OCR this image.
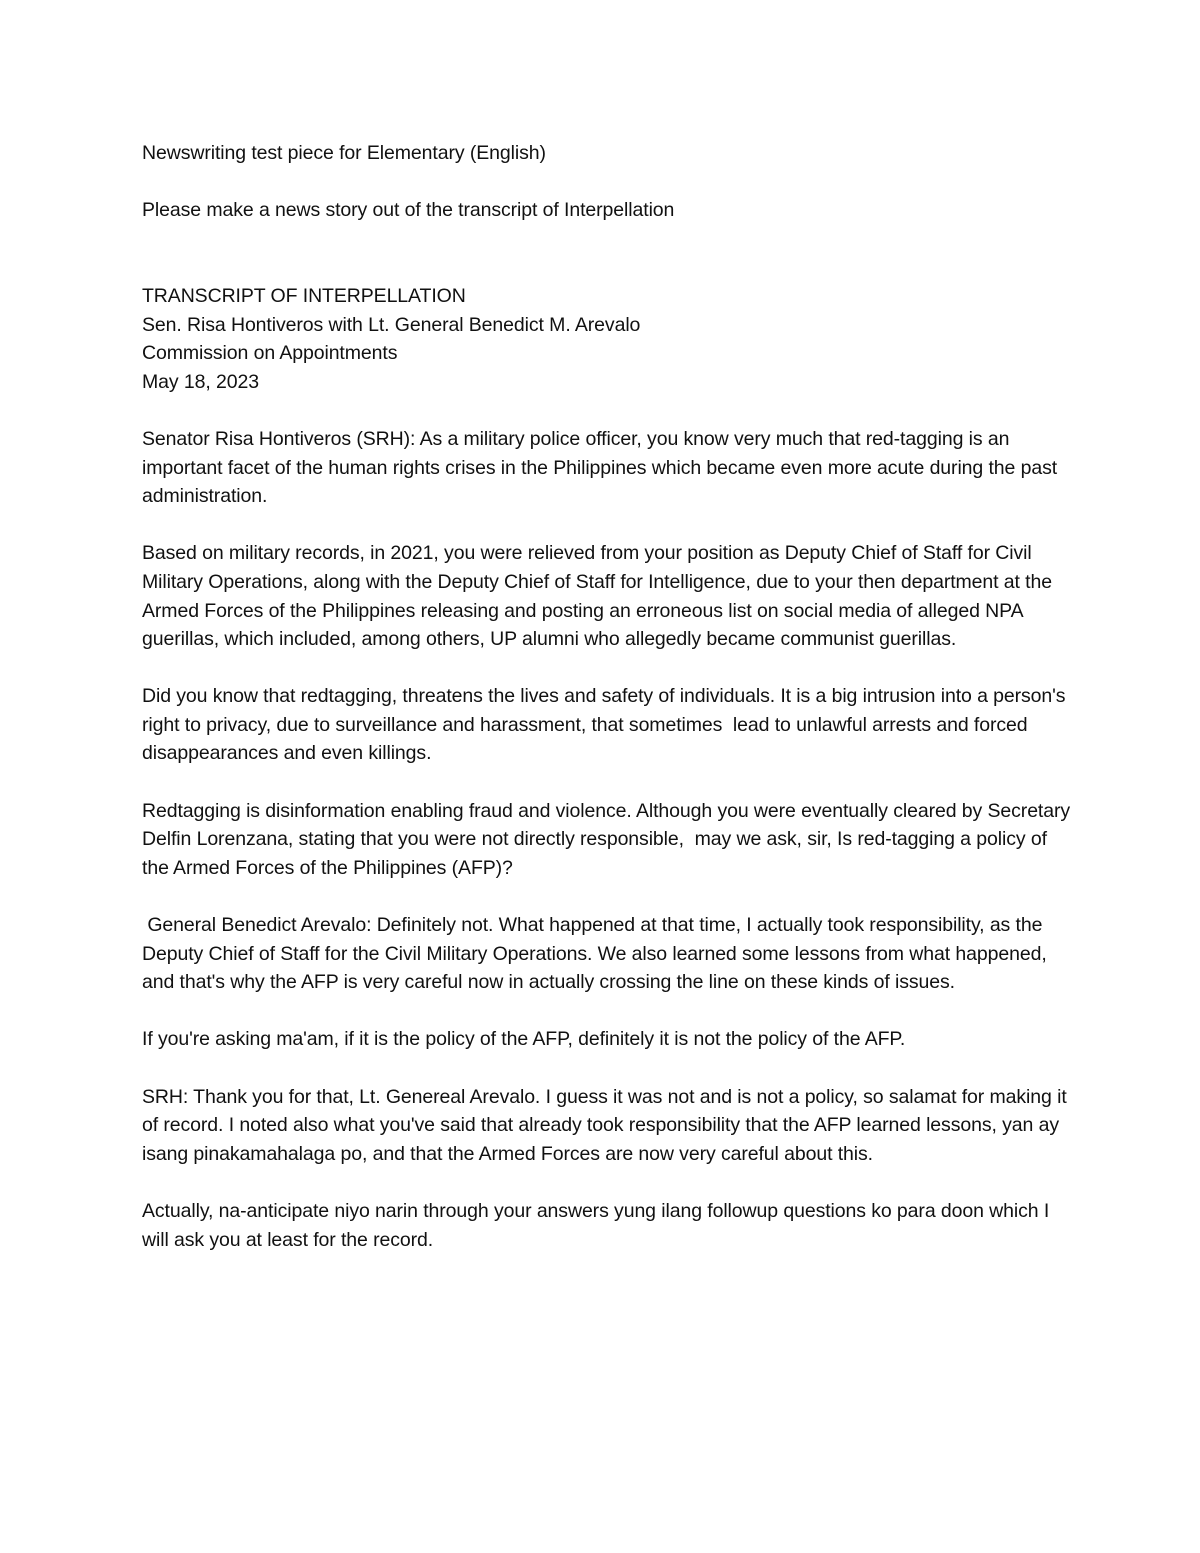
Newswriting test piece for Elementary (English)

Please make a news story out of the transcript of Interpellation

TRANSCRIPT OF INTERPELLATION
Sen. Risa Hontiveros with Lt. General Benedict M. Arevalo
Commission on Appointments
May 18, 2023

Senator Risa Hontiveros (SRH): As a military police officer, you know very much that red-tagging is an important facet of the human rights crises in the Philippines which became even more acute during the past administration.

Based on military records, in 2021, you were relieved from your position as Deputy Chief of Staff for Civil Military Operations, along with the Deputy Chief of Staff for Intelligence, due to your then department at the Armed Forces of the Philippines releasing and posting an erroneous list on social media of alleged NPA guerillas, which included, among others, UP alumni who allegedly became communist guerillas.

Did you know that redtagging, threatens the lives and safety of individuals. It is a big intrusion into a person's right to privacy, due to surveillance and harassment, that sometimes  lead to unlawful arrests and forced disappearances and even killings.

Redtagging is disinformation enabling fraud and violence. Although you were eventually cleared by Secretary Delfin Lorenzana, stating that you were not directly responsible,  may we ask, sir, Is red-tagging a policy of the Armed Forces of the Philippines (AFP)?

General Benedict Arevalo: Definitely not. What happened at that time, I actually took responsibility, as the Deputy Chief of Staff for the Civil Military Operations. We also learned some lessons from what happened, and that's why the AFP is very careful now in actually crossing the line on these kinds of issues.

If you're asking ma'am, if it is the policy of the AFP, definitely it is not the policy of the AFP.

SRH: Thank you for that, Lt. Genereal Arevalo. I guess it was not and is not a policy, so salamat for making it of record. I noted also what you've said that already took responsibility that the AFP learned lessons, yan ay isang pinakamahalaga po, and that the Armed Forces are now very careful about this.

Actually, na-anticipate niyo narin through your answers yung ilang followup questions ko para doon which I will ask you at least for the record.
